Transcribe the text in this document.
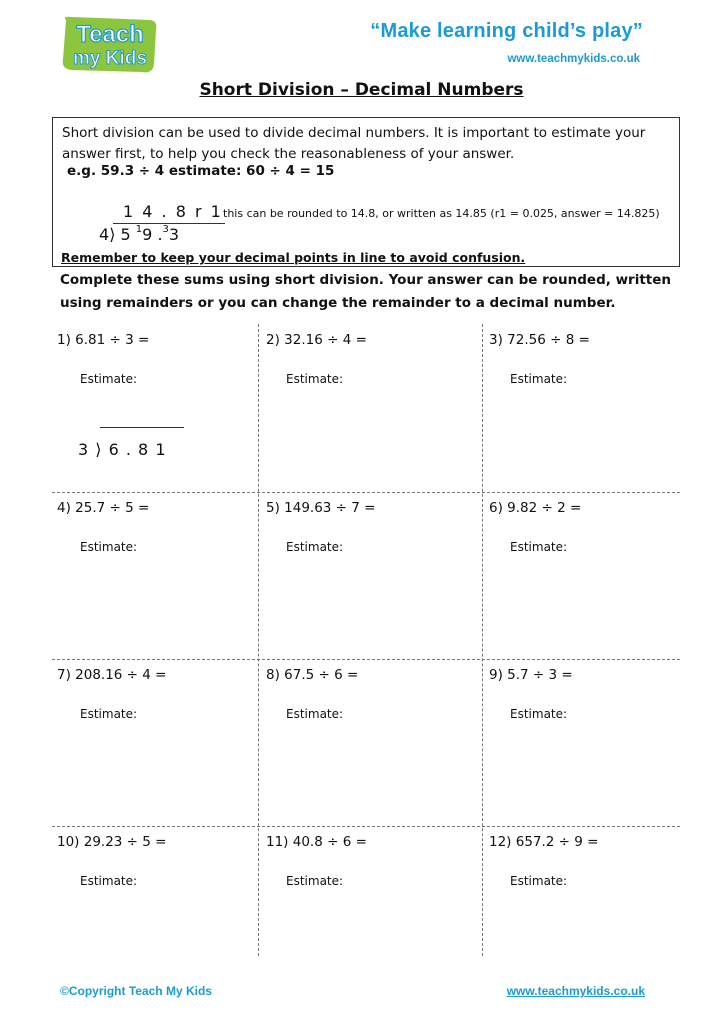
Teach
my Kids
“Make learning child’s play”
www.teachmykids.co.uk
Short Division – Decimal Numbers
Short division can be used to divide decimal numbers. It is important to estimate your answer first, to help you check the reasonableness of your answer.
e.g. 59.3 ÷ 4 estimate: 60 ÷ 4 = 15
1 4 . 8 r 1 this can be rounded to 14.8, or written as 14.85 (r1 = 0.025, answer = 14.825)
4⟩ 5 $^1$9 .$^3$3
Remember to keep your decimal points in line to avoid confusion.
Complete these sums using short division. Your answer can be rounded, written using remainders or you can change the remainder to a decimal number.
1) 6.81 ÷ 3 =
Estimate:
3 ⟩ 6 . 8 1
2) 32.16 ÷ 4 =
Estimate:
3) 72.56 ÷ 8 =
Estimate:
4) 25.7 ÷ 5 =
Estimate:
5) 149.63 ÷ 7 =
Estimate:
6) 9.82 ÷ 2 =
Estimate:
7) 208.16 ÷ 4 =
Estimate:
8) 67.5 ÷ 6 =
Estimate:
9) 5.7 ÷ 3 =
Estimate:
10) 29.23 ÷ 5 =
Estimate:
11) 40.8 ÷ 6 =
Estimate:
12) 657.2 ÷ 9 =
Estimate:
©Copyright Teach My Kids	www.teachmykids.co.uk
